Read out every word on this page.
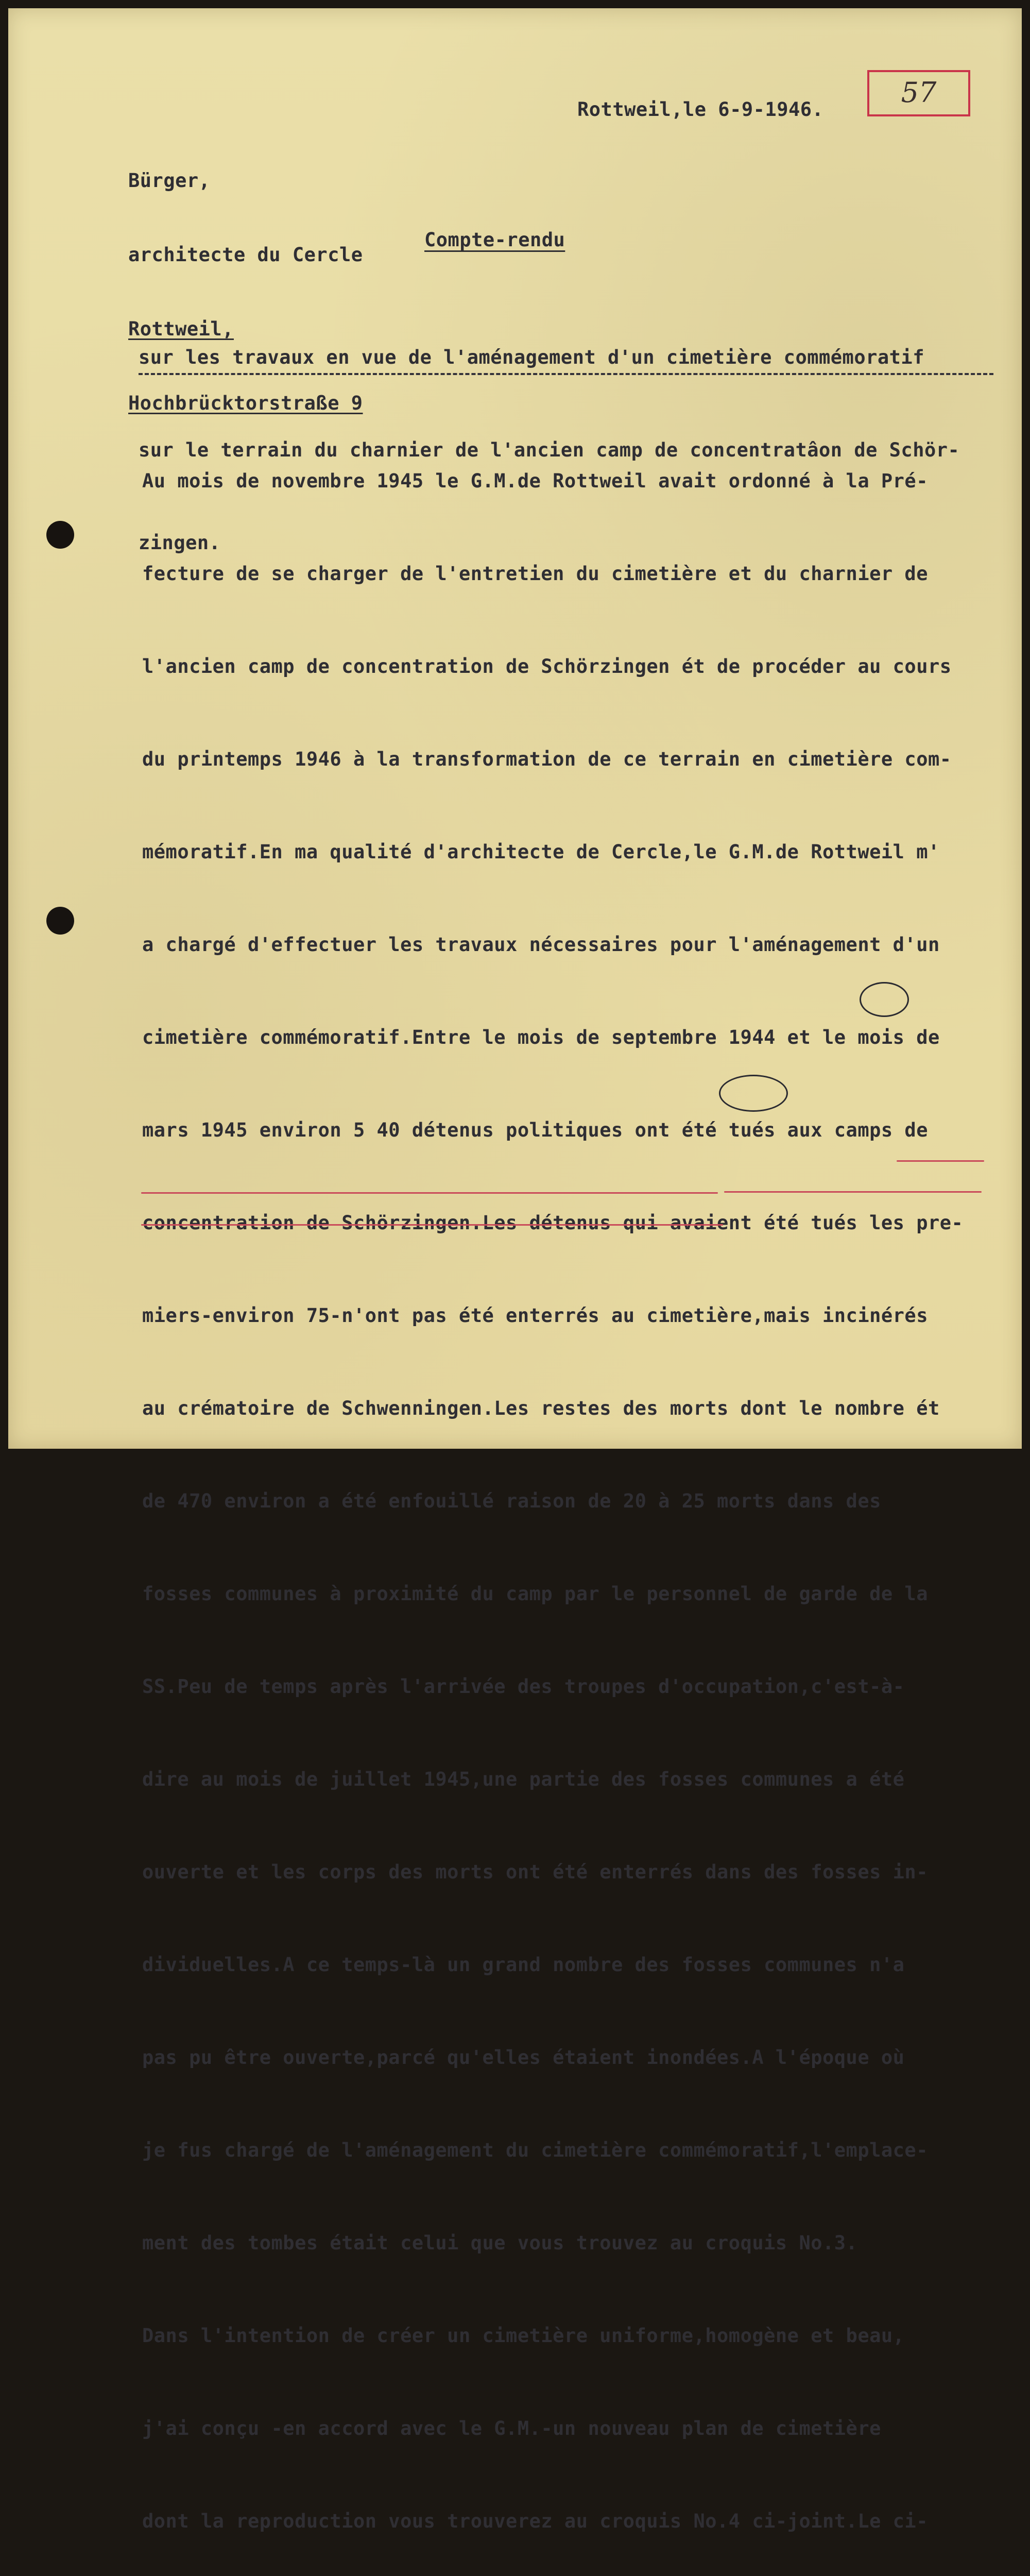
57

Bürger,

architecte du Cercle

Rottweil,

Hochbrücktorstraße 9

Rottweil,le 6-9-1946.
Compte-rendu

sur les travaux en vue de l'aménagement d'un cimetière commémoratif

sur le terrain du charnier de l'ancien camp de concentratâon de Schör-

zingen.

Au mois de novembre 1945 le G.M.de Rottweil avait ordonné à la Pré-

fecture de se charger de l'entretien du cimetière et du charnier de

l'ancien camp de concentration de Schörzingen ét de procéder au cours

du printemps 1946 à la transformation de ce terrain en cimetière com-

mémoratif.En ma qualité d'architecte de Cercle,le G.M.de Rottweil m'

a chargé d'effectuer les travaux nécessaires pour l'aménagement d'un

cimetière commémoratif.Entre le mois de septembre 1944 et le mois de

mars 1945 environ 5 40 détenus politiques ont été tués aux camps de

concentration de Schörzingen.Les détenus qui avaient été tués les pre-

miers-environ 75-n'ont pas été enterrés au cimetière,mais incinérés

au crématoire de Schwenningen.Les restes des morts dont le nombre ét

de 470 environ a été enfouillé raison de 20 à 25 morts dans des

fosses communes à proximité du camp par le personnel de garde de la

SS.Peu de temps après l'arrivée des troupes d'occupation,c'est-à-

dire au mois de juillet 1945,une partie des fosses communes a été

ouverte et les corps des morts ont été enterrés dans des fosses in-

dividuelles.A ce temps-là un grand nombre des fosses communes n'a

pas pu être ouverte,parcé qu'elles étaient inondées.A l'époque où

je fus chargé de l'aménagement du cimetière commémoratif,l'emplace-

ment des tombes était celui que vous trouvez au croquis No.3.

Dans l'intention de créer un cimetière uniforme,homogène et beau,

j'ai conçu -en accord avec le G.M.-un nouveau plan de cimetière

dont la reproduction vous trouverez au croquis No.4 ci-joint.Le ci-
